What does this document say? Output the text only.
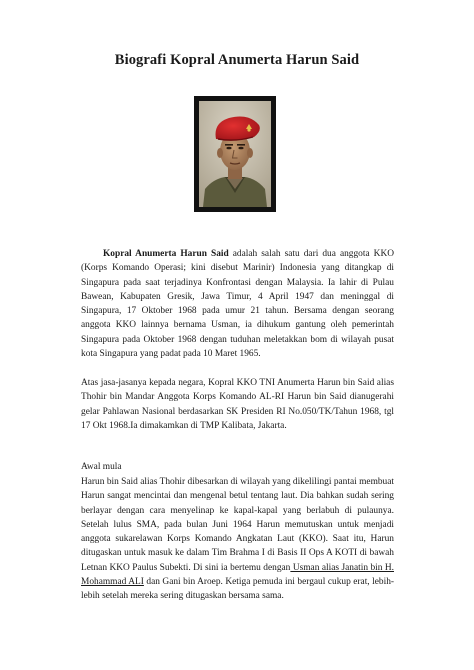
Biografi Kopral Anumerta Harun Said

Kopral Anumerta Harun Said adalah salah satu dari dua anggota KKO (Korps Komando Operasi; kini disebut Marinir) Indonesia yang ditangkap di Singapura pada saat terjadinya Konfrontasi dengan Malaysia. Ia lahir di Pulau Bawean, Kabupaten Gresik, Jawa Timur, 4 April 1947 dan meninggal di Singapura, 17 Oktober 1968 pada umur 21 tahun. Bersama dengan seorang anggota KKO lainnya bernama Usman, ia dihukum gantung oleh pemerintah Singapura pada Oktober 1968 dengan tuduhan meletakkan bom di wilayah pusat kota Singapura yang padat pada 10 Maret 1965.

Atas jasa-jasanya kepada negara, Kopral KKO TNI Anumerta Harun bin Said alias Thohir bin Mandar Anggota Korps Komando AL-RI Harun bin Said dianugerahi gelar Pahlawan Nasional berdasarkan SK Presiden RI No.050/TK/Tahun 1968, tgl 17 Okt 1968.Ia dimakamkan di TMP Kalibata, Jakarta.

Awal mula

Harun bin Said alias Thohir dibesarkan di wilayah yang dikelilingi pantai membuat Harun sangat mencintai dan mengenal betul tentang laut. Dia bahkan sudah sering berlayar dengan cara menyelinap ke kapal-kapal yang berlabuh di pulaunya. Setelah lulus SMA, pada bulan Juni 1964 Harun memutuskan untuk menjadi anggota sukarelawan Korps Komando Angkatan Laut (KKO). Saat itu, Harun ditugaskan untuk masuk ke dalam Tim Brahma I di Basis II Ops A KOTI di bawah Letnan KKO Paulus Subekti. Di sini ia bertemu dengan Usman alias Janatin bin H. Mohammad ALI dan Gani bin Aroep. Ketiga pemuda ini bergaul cukup erat, lebih-lebih setelah mereka sering ditugaskan bersama sama.
